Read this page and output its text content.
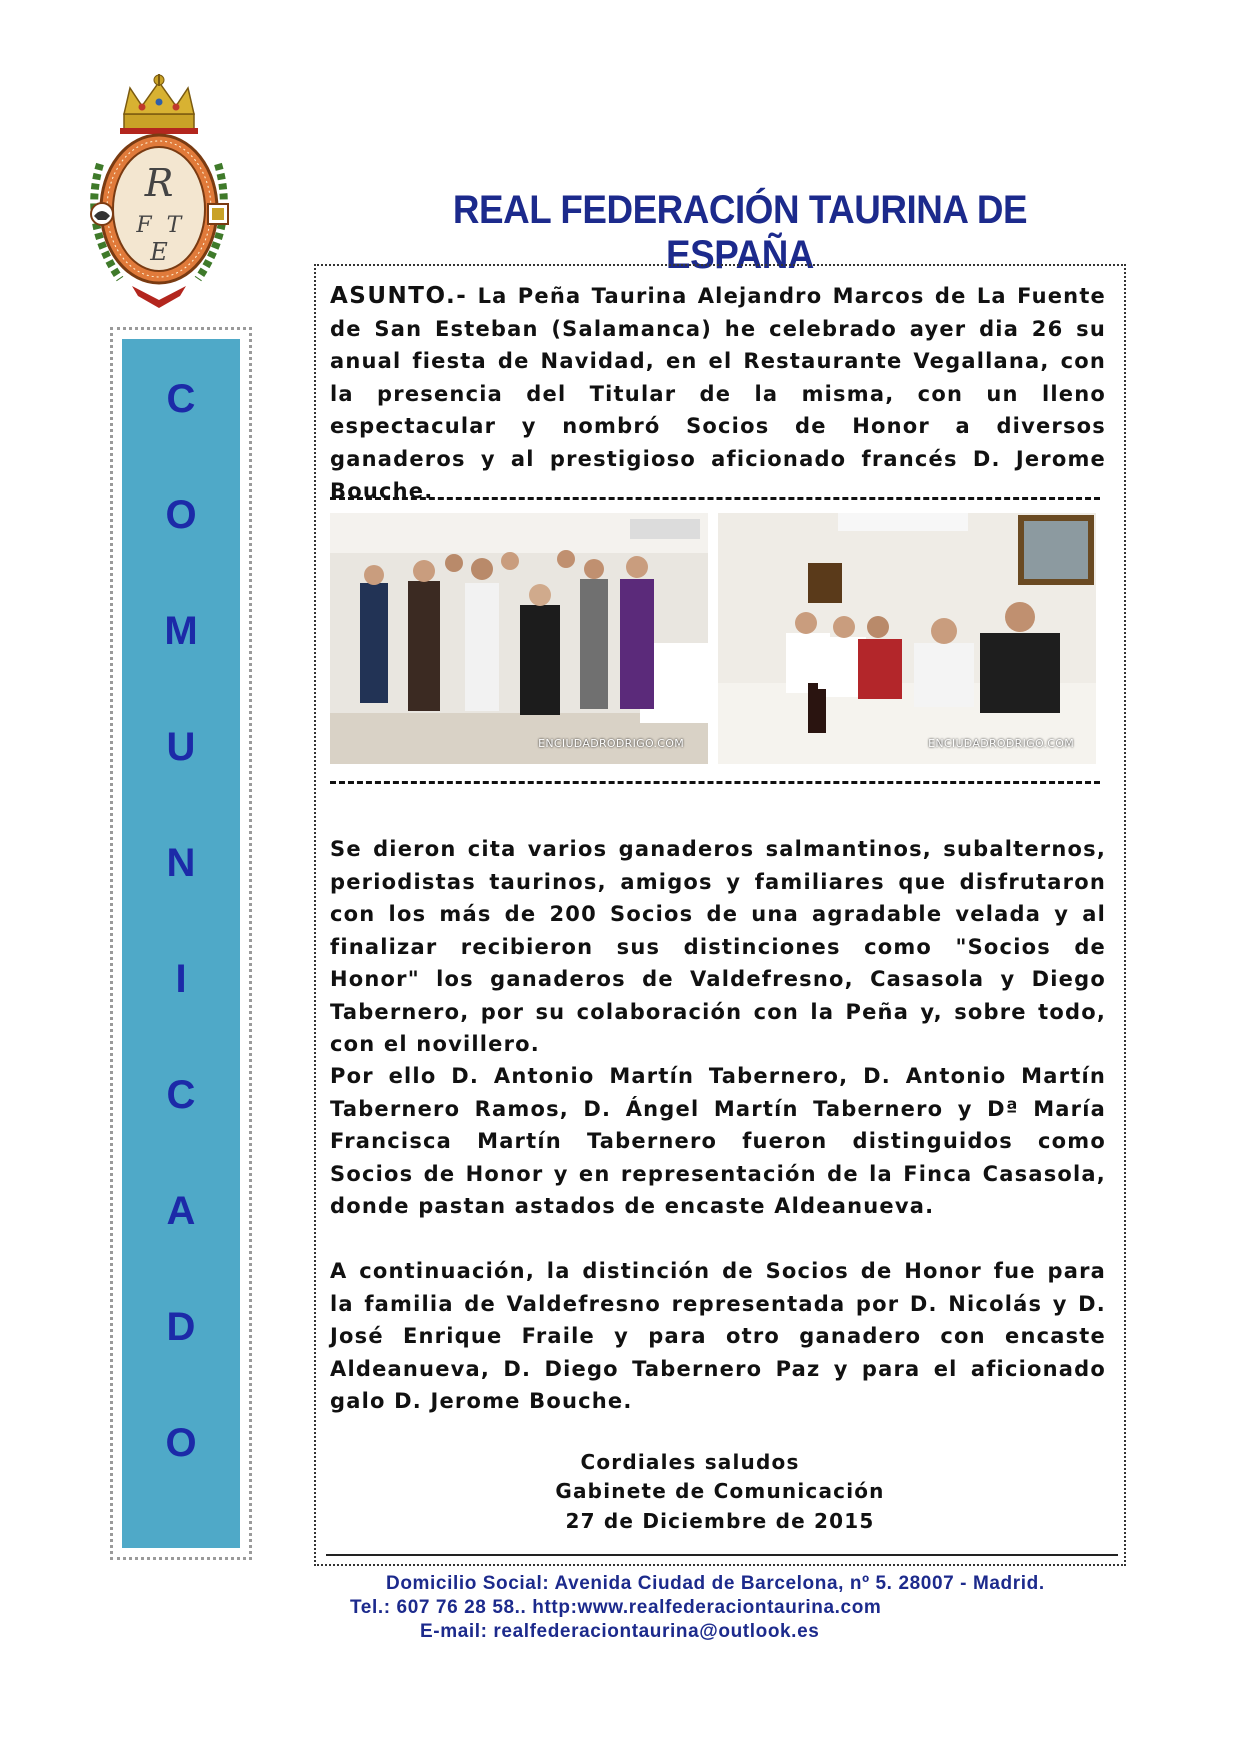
R
F T
E
C
O
M
U
N
I
C
A
D
O
REAL FEDERACIÓN TAURINA DE ESPAÑA

ASUNTO.- La Peña Taurina Alejandro Marcos de La Fuente de San Esteban (Salamanca) he celebrado ayer dia 26 su anual fiesta de Navidad, en el Restaurante Vegallana, con la presencia del Titular de la misma, con un lleno espectacular y nombró Socios de Honor a diversos ganaderos y al prestigioso aficionado francés D. Jerome Bouche.

ENCIUDADRODRIGO.COM	ENCIUDADRODRIGO.COM

Se dieron cita varios ganaderos salmantinos, subalternos, periodistas taurinos, amigos y familiares que disfrutaron con los más de 200 Socios de una agradable velada y al finalizar recibieron sus distinciones como "Socios de Honor" los ganaderos de Valdefresno, Casasola y Diego Tabernero, por su colaboración con la Peña y, sobre todo, con el novillero.

Por ello D. Antonio Martín Tabernero, D. Antonio Martín Tabernero Ramos, D. Ángel Martín Tabernero y Dª María Francisca Martín Tabernero fueron distinguidos como Socios de Honor y en representación de la Finca Casasola, donde pastan astados de encaste Aldeanueva.

A continuación, la distinción de Socios de Honor fue para la familia de Valdefresno representada por D. Nicolás y D. José Enrique Fraile y para otro ganadero con encaste Aldeanueva, D. Diego Tabernero Paz y para el aficionado galo D. Jerome Bouche.

Cordiales saludos
Gabinete de Comunicación
27 de Diciembre de 2015
Domicilio Social: Avenida Ciudad de Barcelona, nº 5. 28007 - Madrid.
Tel.: 607 76 28 58.. http:www.realfederaciontaurina.com
E-mail: realfederaciontaurina@outlook.es
